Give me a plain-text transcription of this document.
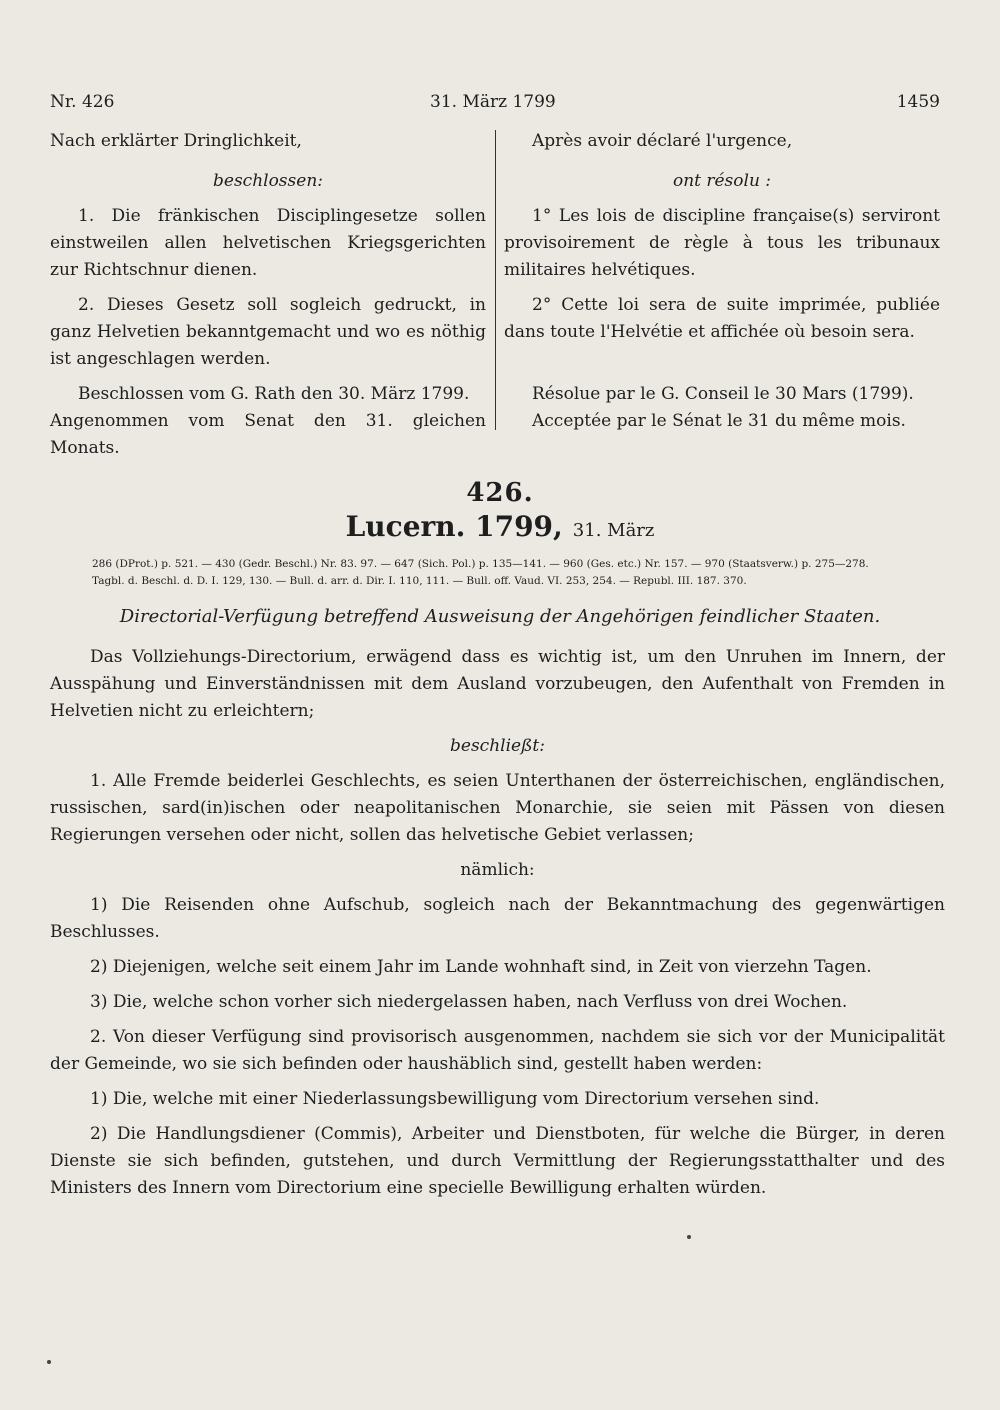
Nr. 426	31. März 1799	1459

Nach erklärter Dringlichkeit,

beschlossen:

1. Die fränkischen Disciplingesetze sollen einstweilen allen helvetischen Kriegsgerichten zur Richtschnur dienen.

2. Dieses Gesetz soll sogleich gedruckt, in ganz Helvetien bekanntgemacht und wo es nöthig ist angeschlagen werden.

Beschlossen vom G. Rath den 30. März 1799.

Angenommen vom Senat den 31. gleichen Monats.

Après avoir déclaré l'urgence,

ont résolu :

1° Les lois de discipline française(s) serviront provisoirement de règle à tous les tribunaux militaires helvétiques.

2° Cette loi sera de suite imprimée, publiée dans toute l'Helvétie et affichée où besoin sera.

Résolue par le G. Conseil le 30 Mars (1799).

Acceptée par le Sénat le 31 du même mois.

426.
Lucern. 1799, 31. März
286 (DProt.) p. 521. — 430 (Gedr. Beschl.) Nr. 83. 97. — 647 (Sich. Pol.) p. 135—141. — 960 (Ges. etc.) Nr. 157. — 970 (Staatsverw.) p. 275—278.
Tagbl. d. Beschl. d. D. I. 129, 130. — Bull. d. arr. d. Dir. I. 110, 111. — Bull. off. Vaud. VI. 253, 254. — Republ. III. 187. 370.
Directorial-Verfügung betreffend Ausweisung der Angehörigen feindlicher Staaten.

Das Vollziehungs-Directorium, erwägend dass es wichtig ist, um den Unruhen im Innern, der Ausspähung und Einverständnissen mit dem Ausland vorzubeugen, den Aufenthalt von Fremden in Helvetien nicht zu erleichtern;

beschließt:

1. Alle Fremde beiderlei Geschlechts, es seien Unterthanen der österreichischen, engländischen, russischen, sard(in)ischen oder neapolitanischen Monarchie, sie seien mit Pässen von diesen Regierungen versehen oder nicht, sollen das helvetische Gebiet verlassen;

nämlich:

1) Die Reisenden ohne Aufschub, sogleich nach der Bekanntmachung des gegenwärtigen Beschlusses.

2) Diejenigen, welche seit einem Jahr im Lande wohnhaft sind, in Zeit von vierzehn Tagen.

3) Die, welche schon vorher sich niedergelassen haben, nach Verfluss von drei Wochen.

2. Von dieser Verfügung sind provisorisch ausgenommen, nachdem sie sich vor der Municipalität der Gemeinde, wo sie sich befinden oder haushäblich sind, gestellt haben werden:

1) Die, welche mit einer Niederlassungsbewilligung vom Directorium versehen sind.

2) Die Handlungsdiener (Commis), Arbeiter und Dienstboten, für welche die Bürger, in deren Dienste sie sich befinden, gutstehen, und durch Vermittlung der Regierungsstatthalter und des Ministers des Innern vom Directorium eine specielle Bewilligung erhalten würden.
